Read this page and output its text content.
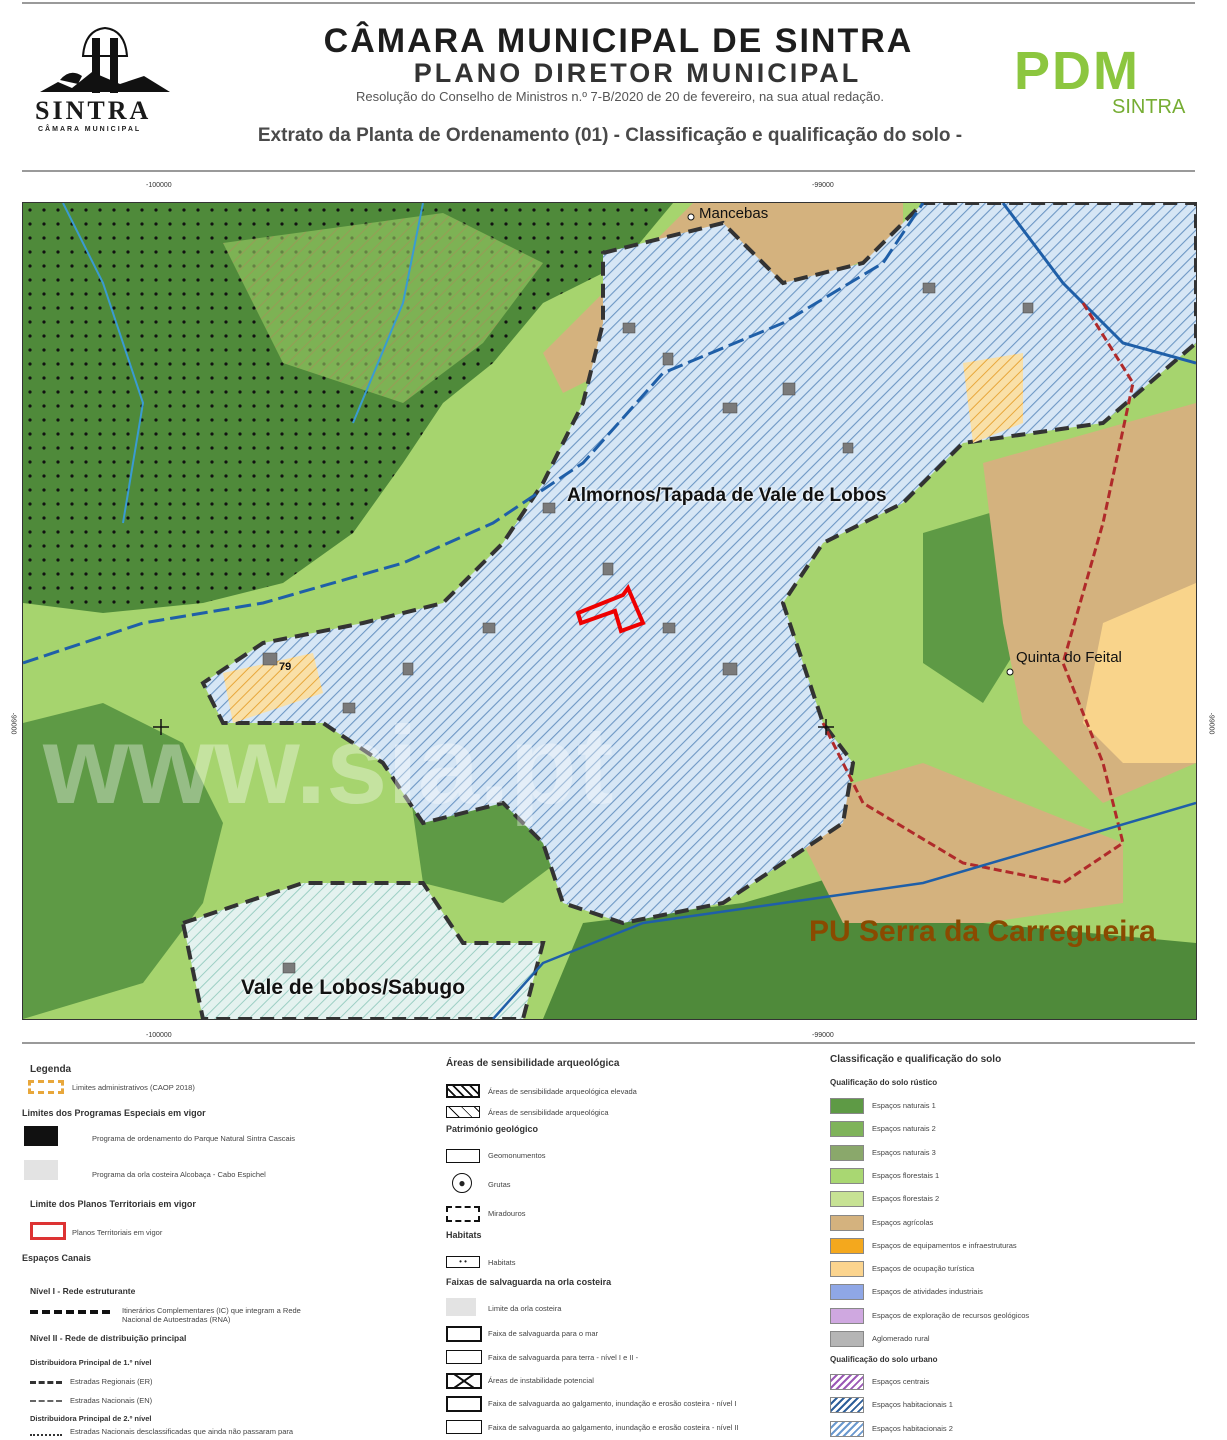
SINTRA
CÂMARA MUNICIPAL
CÂMARA MUNICIPAL DE SINTRA
PLANO DIRETOR MUNICIPAL
Resolução do Conselho de Ministros n.º 7-B/2020 de 20 de fevereiro, na sua atual redação.
Extrato da Planta de Ordenamento (01) - Classificação e qualificação do solo -
PDM
SINTRA
-100000	-99000
-100000	-99000
-99000	-99000
www.sia.pt
Mancebas
Almornos/Tapada de Vale de Lobos
Quinta do Feital
Vale de Lobos/Sabugo
PU Serra da Carregueira
79
Legenda
Limites administrativos (CAOP 2018)
Limites dos Programas Especiais em vigor
Programa de ordenamento do Parque Natural Sintra Cascais
Programa da orla costeira Alcobaça - Cabo Espichel
Limite dos Planos Territoriais em vigor
Planos Territoriais em vigor
Espaços Canais
Nível I - Rede estruturante
Itinerários Complementares (IC) que integram a Rede Nacional de Autoestradas (RNA)
Nível II - Rede de distribuição principal
Distribuidora Principal de 1.º nível
Estradas Regionais (ER)
Estradas Nacionais (EN)
Distribuidora Principal de 2.º nível
Estradas Nacionais desclassificadas que ainda não passaram para
Áreas de sensibilidade arqueológica
Áreas de sensibilidade arqueológica elevada
Áreas de sensibilidade arqueológica
Património geológico
Geomonumentos
●	Grutas
Miradouros
Habitats
• •	Habitats
Faixas de salvaguarda na orla costeira
Limite da orla costeira
Faixa de salvaguarda para o mar
Faixa de salvaguarda para terra - nível I e II -
Áreas de instabilidade potencial
Faixa de salvaguarda ao galgamento, inundação e erosão costeira - nível I
Faixa de salvaguarda ao galgamento, inundação e erosão costeira - nível II
Classificação e qualificação do solo
Qualificação do solo rústico
Espaços naturais 1
Espaços naturais 2
Espaços naturais 3
Espaços florestais 1
Espaços florestais 2
Espaços agrícolas
Espaços de equipamentos e infraestruturas
Espaços de ocupação turística
Espaços de atividades industriais
Espaços de exploração de recursos geológicos
Aglomerado rural
Qualificação do solo urbano
Espaços centrais
Espaços habitacionais 1
Espaços habitacionais 2
